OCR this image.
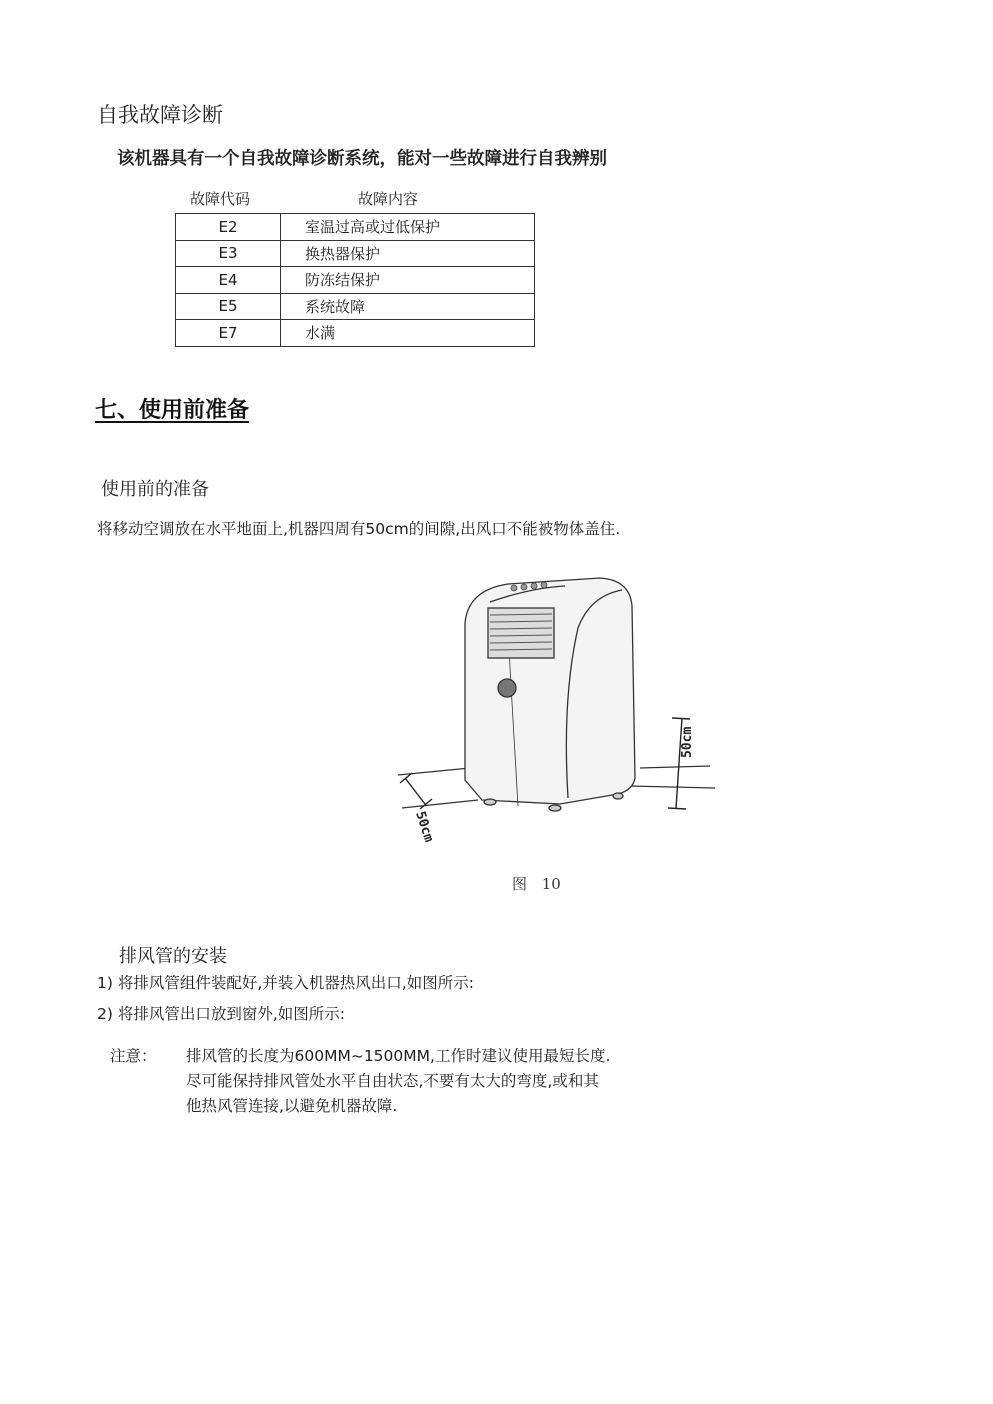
自我故障诊断
该机器具有一个自我故障诊断系统，能对一些故障进行自我辨别
故障代码	故障内容
E2	室温过高或过低保护
E3	换热器保护
E4	防冻结保护
E5	系统故障
E7	水满
七、使用前准备
使用前的准备
将移动空调放在水平地面上,机器四周有50cm的间隙,出风口不能被物体盖住.
50cm
50cm
图 10
排风管的安装
1) 将排风管组件装配好,并装入机器热风出口,如图所示:
2) 将排风管出口放到窗外,如图所示:
注意： 排风管的长度为600MM~1500MM,工作时建议使用最短长度.
尽可能保持排风管处水平自由状态,不要有太大的弯度,或和其
他热风管连接,以避免机器故障.
